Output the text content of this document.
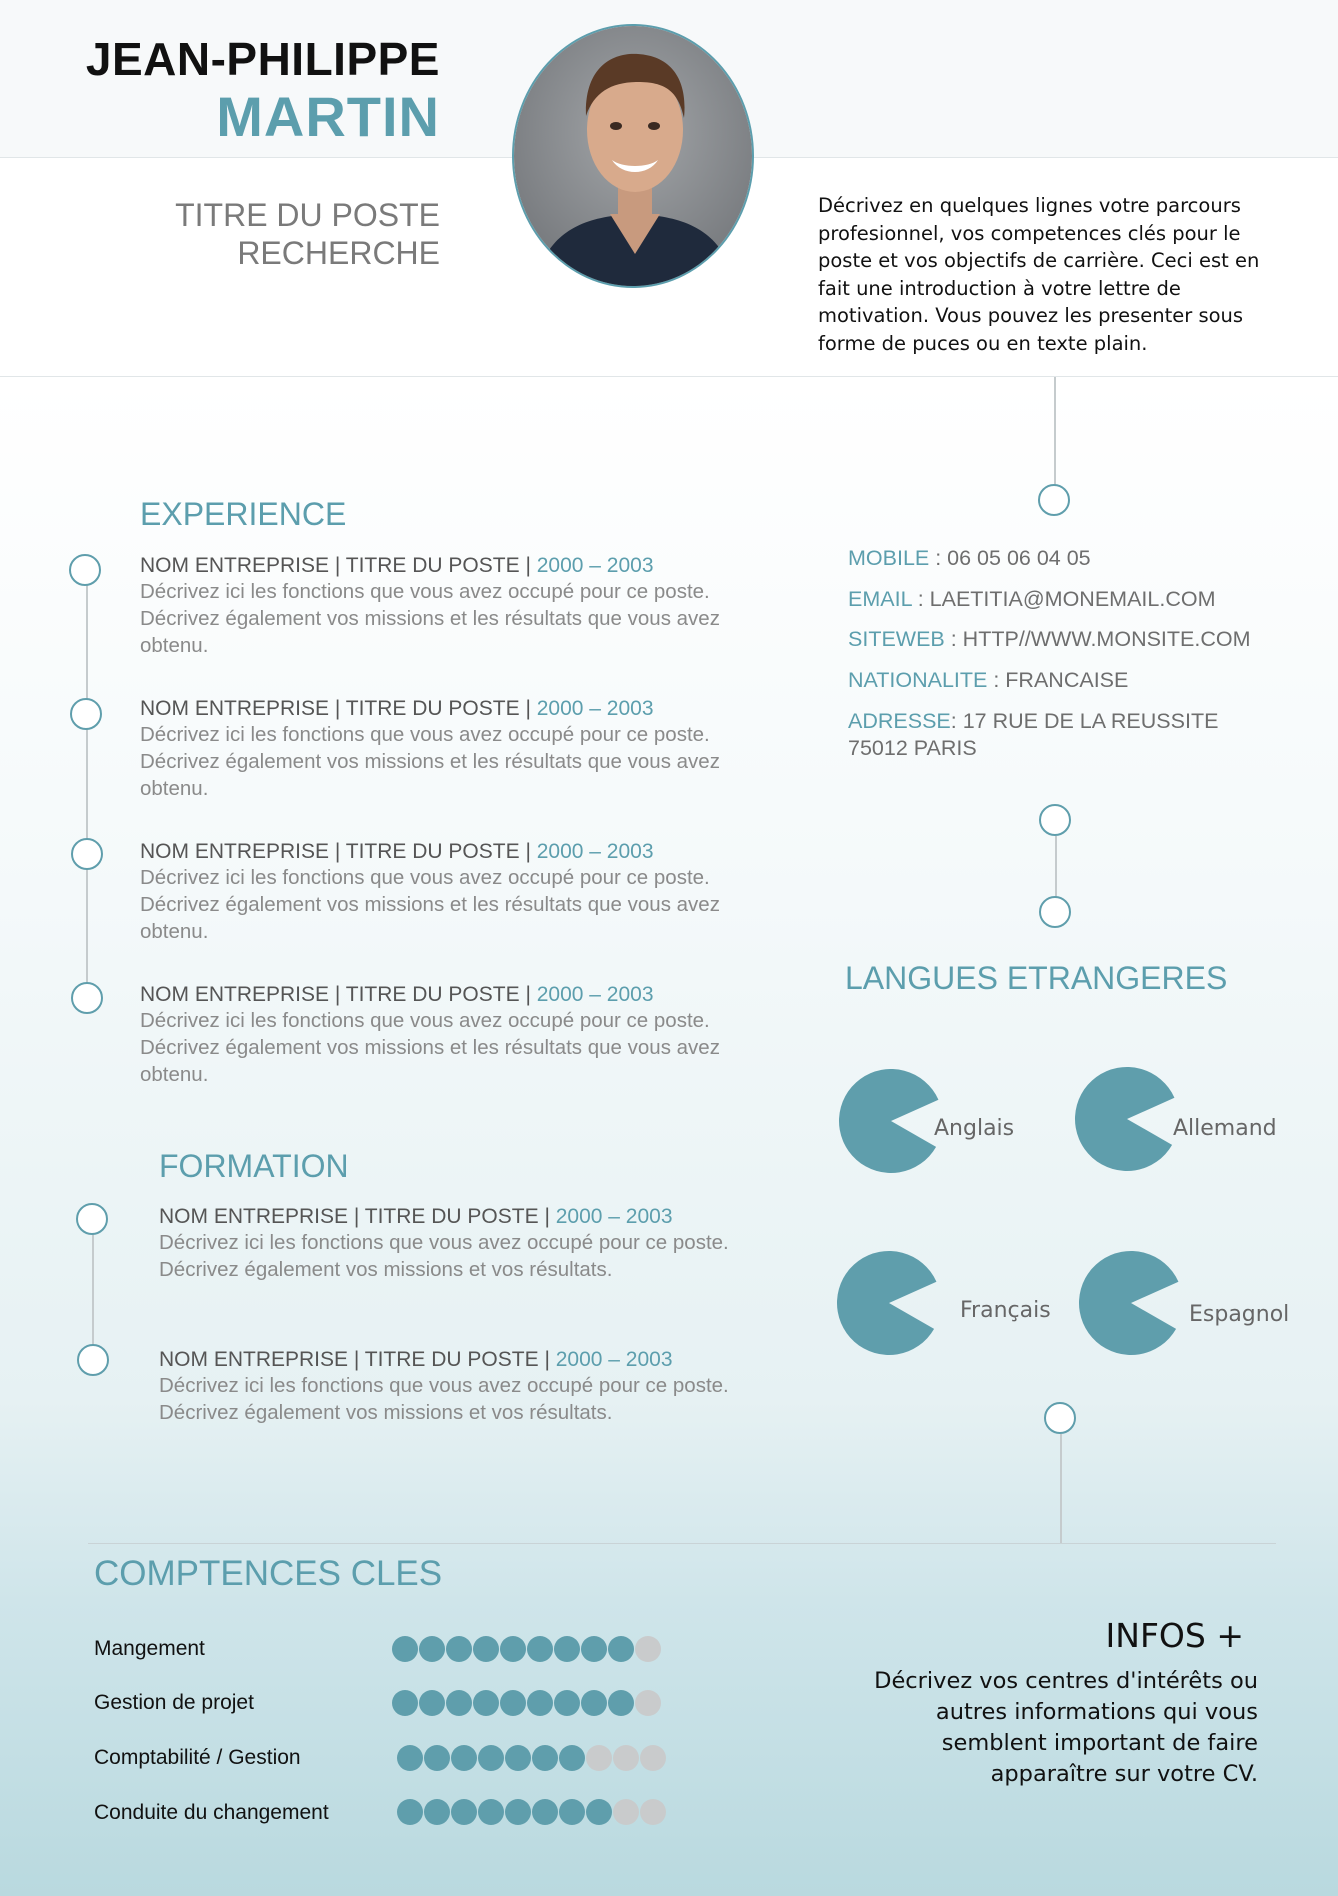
JEAN-PHILIPPE
MARTIN
TITRE DU POSTE
RECHERCHE
Décrivez en quelques lignes votre parcours profesionnel, vos competences clés pour le poste et vos objectifs de carrière. Ceci est en fait une introduction à votre lettre de motivation. Vous pouvez les presenter sous forme de puces ou en texte plain.
EXPERIENCE
NOM ENTREPRISE | TITRE DU POSTE | 2000 – 2003
Décrivez ici les fonctions que vous avez occupé pour ce poste. Décrivez également vos missions et les résultats que vous avez obtenu.
NOM ENTREPRISE | TITRE DU POSTE | 2000 – 2003
Décrivez ici les fonctions que vous avez occupé pour ce poste. Décrivez également vos missions et les résultats que vous avez obtenu.
NOM ENTREPRISE | TITRE DU POSTE | 2000 – 2003
Décrivez ici les fonctions que vous avez occupé pour ce poste. Décrivez également vos missions et les résultats que vous avez obtenu.
NOM ENTREPRISE | TITRE DU POSTE | 2000 – 2003
Décrivez ici les fonctions que vous avez occupé pour ce poste. Décrivez également vos missions et les résultats que vous avez obtenu.
FORMATION
NOM ENTREPRISE | TITRE DU POSTE | 2000 – 2003
Décrivez ici les fonctions que vous avez occupé pour ce poste. Décrivez également vos missions et vos résultats.
NOM ENTREPRISE | TITRE DU POSTE | 2000 – 2003
Décrivez ici les fonctions que vous avez occupé pour ce poste. Décrivez également vos missions et vos résultats.
MOBILE : 06 05 06 04 05
EMAIL : LAETITIA@MONEMAIL.COM
SITEWEB : HTTP//WWW.MONSITE.COM
NATIONALITE : FRANCAISE
ADRESSE: 17 RUE DE LA REUSSITE
75012 PARIS
LANGUES ETRANGERES
Anglais	Allemand
Français	Espagnol
COMPTENCES CLES
Mangement
Gestion de projet
Comptabilité / Gestion
Conduite du changement
INFOS +
Décrivez vos centres d'intérêts ou autres informations qui vous semblent important de faire apparaître sur votre CV.
